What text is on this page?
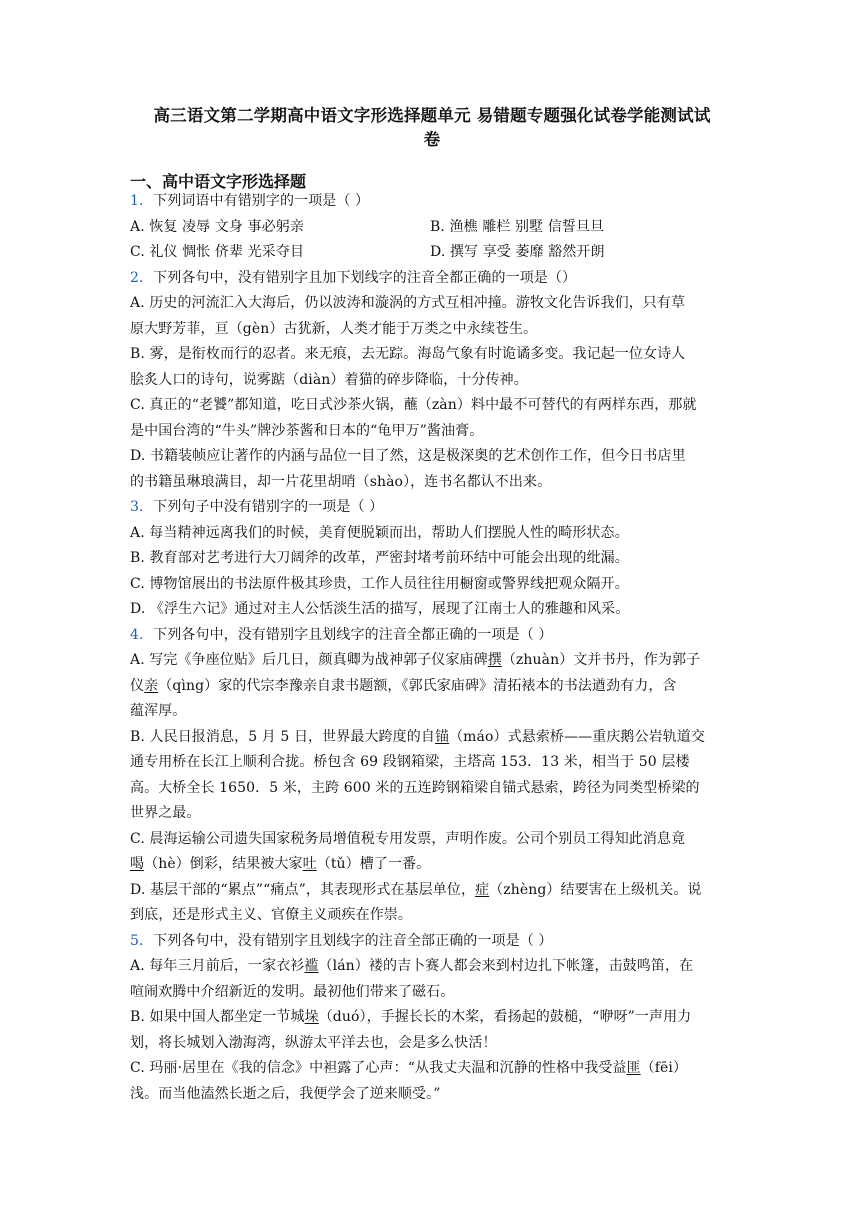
高三语文第二学期高中语文字形选择题单元 易错题专题强化试卷学能测试试
卷
一、高中语文字形选择题
1．下列词语中有错别字的一项是（ ）
A. 恢复 凌辱 文身 事必躬亲	B. 渔樵 雕栏 别墅 信誓旦旦
C. 礼仪 惆怅 侪辈 光采夺目	D. 撰写 享受 萎靡 豁然开朗
2．下列各句中，没有错别字且加下划线字的注音全都正确的一项是（）
A. 历史的河流汇入大海后，仍以波涛和漩涡的方式互相冲撞。游牧文化告诉我们，只有草
原大野芳菲，亘（gèn）古犹新，人类才能于万类之中永续苍生。
B. 雾，是衔枚而行的忍者。来无痕，去无踪。海岛气象有时诡谲多变。我记起一位女诗人
脍炙人口的诗句，说雾踮（diàn）着猫的碎步降临，十分传神。
C. 真正的“老饕”都知道，吃日式沙茶火锅，蘸（zàn）料中最不可替代的有两样东西，那就
是中国台湾的“牛头”牌沙茶酱和日本的“龟甲万”酱油膏。
D. 书籍装帧应让著作的内涵与品位一目了然，这是极深奥的艺术创作工作，但今日书店里
的书籍虽琳琅满目，却一片花里胡哨（shào），连书名都认不出来。
3．下列句子中没有错别字的一项是（ ）
A. 每当精神远离我们的时候，美育便脱颖而出，帮助人们摆脱人性的畸形状态。
B. 教育部对艺考进行大刀阔斧的改革，严密封堵考前环结中可能会出现的纰漏。
C. 博物馆展出的书法原件极其珍贵，工作人员往往用橱窗或警界线把观众隔开。
D. 《浮生六记》通过对主人公恬淡生活的描写，展现了江南士人的雅趣和风采。
4．下列各句中，没有错别字且划线字的注音全都正确的一项是（ ）
A. 写完《争座位贴》后几日，颜真卿为战神郭子仪家庙碑撰（zhuàn）文并书丹，作为郭子
仪亲（qìng）家的代宗李豫亲自隶书题额，《郭氏家庙碑》清拓裱本的书法遒劲有力，含
蕴浑厚。
B. 人民日报消息，5 月 5 日，世界最大跨度的自锚（máo）式悬索桥——重庆鹅公岩轨道交
通专用桥在长江上顺利合拢。桥包含 69 段钢箱梁，主塔高 153．13 米，相当于 50 层楼
高。大桥全长 1650．5 米，主跨 600 米的五连跨钢箱梁自锚式悬索，跨径为同类型桥梁的
世界之最。
C. 晨海运输公司遗失国家税务局增值税专用发票，声明作废。公司个别员工得知此消息竟
喝（hè）倒彩，结果被大家吐（tǔ）槽了一番。
D. 基层干部的“累点”“痛点”，其表现形式在基层单位，症（zhèng）结要害在上级机关。说
到底，还是形式主义、官僚主义顽疾在作崇。
5．下列各句中，没有错别字且划线字的注音全部正确的一项是（ ）
A. 每年三月前后，一家衣衫褴（lán）褛的吉卜赛人都会来到村边扎下帐篷，击鼓鸣笛，在
喧闹欢腾中介绍新近的发明。最初他们带来了磁石。
B. 如果中国人都坐定一节城垛（duó），手握长长的木桨，看扬起的鼓槌，“咿呀”一声用力
划，将长城划入渤海湾，纵游太平洋去也，会是多么快活！
C. 玛丽·居里在《我的信念》中袒露了心声：“从我丈夫温和沉静的性格中我受益匪（fēi）
浅。而当他溘然长逝之后，我便学会了逆来顺受。”
